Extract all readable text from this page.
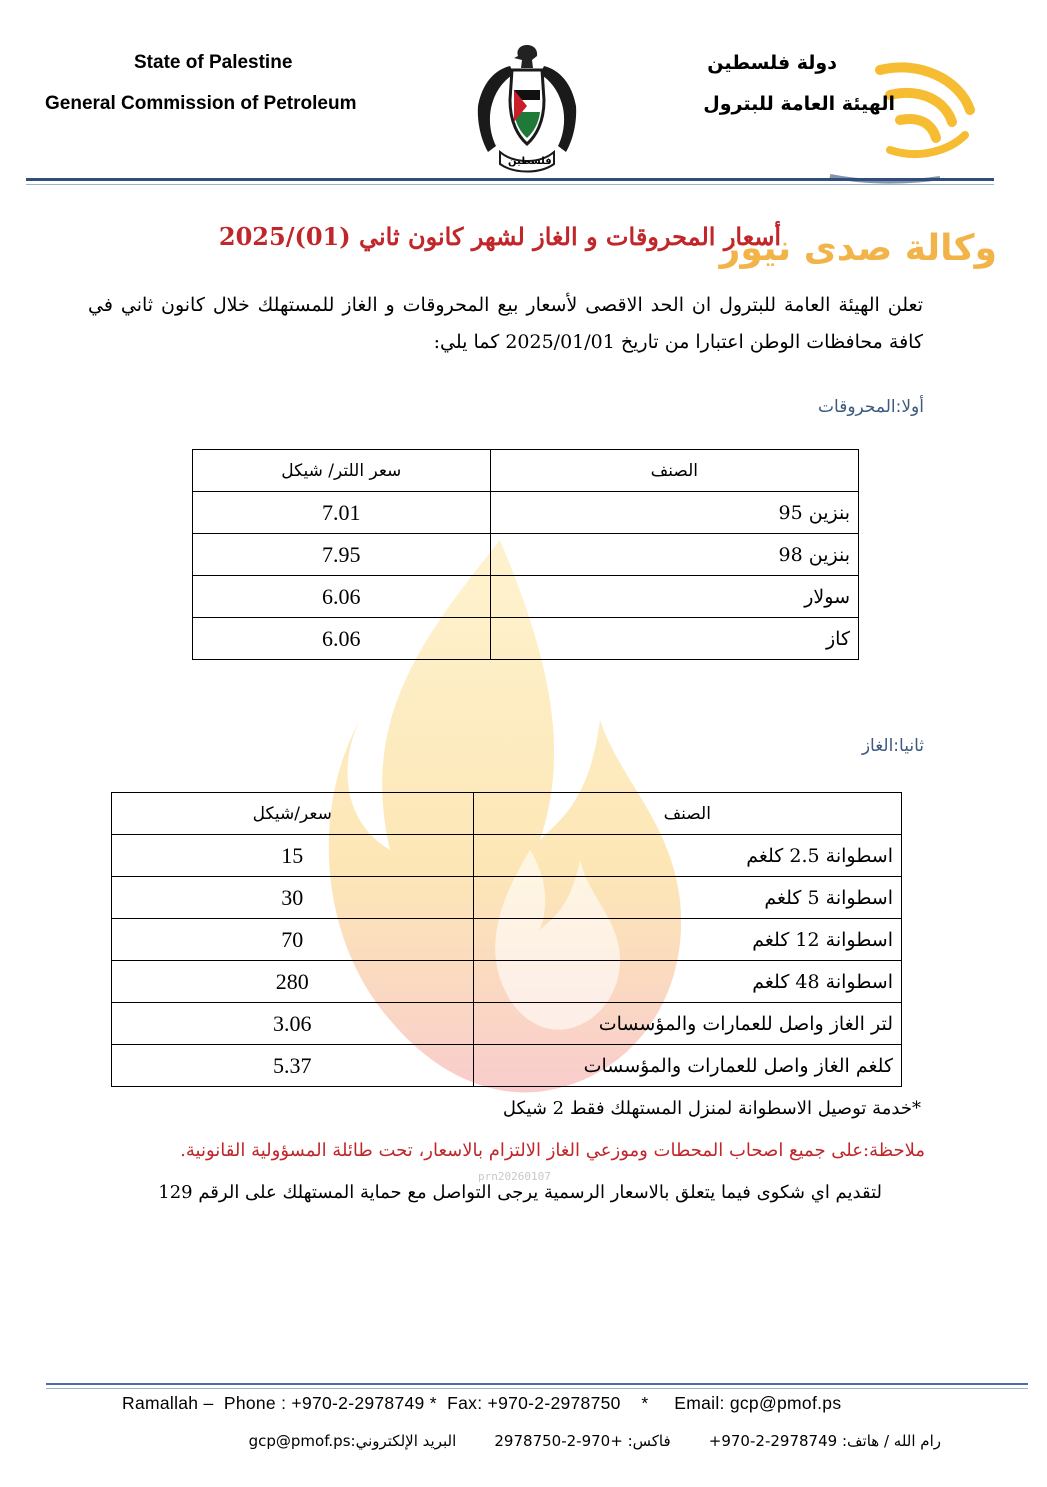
State of Palestine
General Commission of Petroleum
فلسطين
دولة فلسطين
الهيئة العامة للبترول
وكالة صدى نيوز
أسعار المحروقات و الغاز لشهر كانون ثاني (01)/2025
تعلن الهيئة العامة للبترول ان الحد الاقصى لأسعار بيع المحروقات و الغاز للمستهلك خلال كانون ثاني في كافة محافظات الوطن اعتبارا من تاريخ 2025/01/01 كما يلي:
أولا:المحروقات
الصنف	سعر اللتر/ شيكل
بنزين 95	7.01
بنزين 98	7.95
سولار	6.06
كاز	6.06
ثانيا:الغاز
الصنف	سعر/شيكل
اسطوانة 2.5 كلغم	15
اسطوانة 5 كلغم	30
اسطوانة 12 كلغم	70
اسطوانة 48 كلغم	280
لتر الغاز واصل للعمارات والمؤسسات	3.06
كلغم الغاز واصل للعمارات والمؤسسات	5.37
*خدمة توصيل الاسطوانة لمنزل المستهلك فقط 2 شيكل
ملاحظة:على جميع اصحاب المحطات وموزعي الغاز الالتزام بالاسعار، تحت طائلة المسؤولية القانونية.
prn20260107
لتقديم اي شكوى فيما يتعلق بالاسعار الرسمية يرجى التواصل مع حماية المستهلك على الرقم 129
Ramallah –  Phone : +970-2-2978749 *  Fax: +970-2-2978750    *     Email: gcp@pmof.ps
رام الله / هاتف: 2978749-2-970+        فاكس: +970-2-2978750        البريد الإلكتروني:gcp@pmof.ps
